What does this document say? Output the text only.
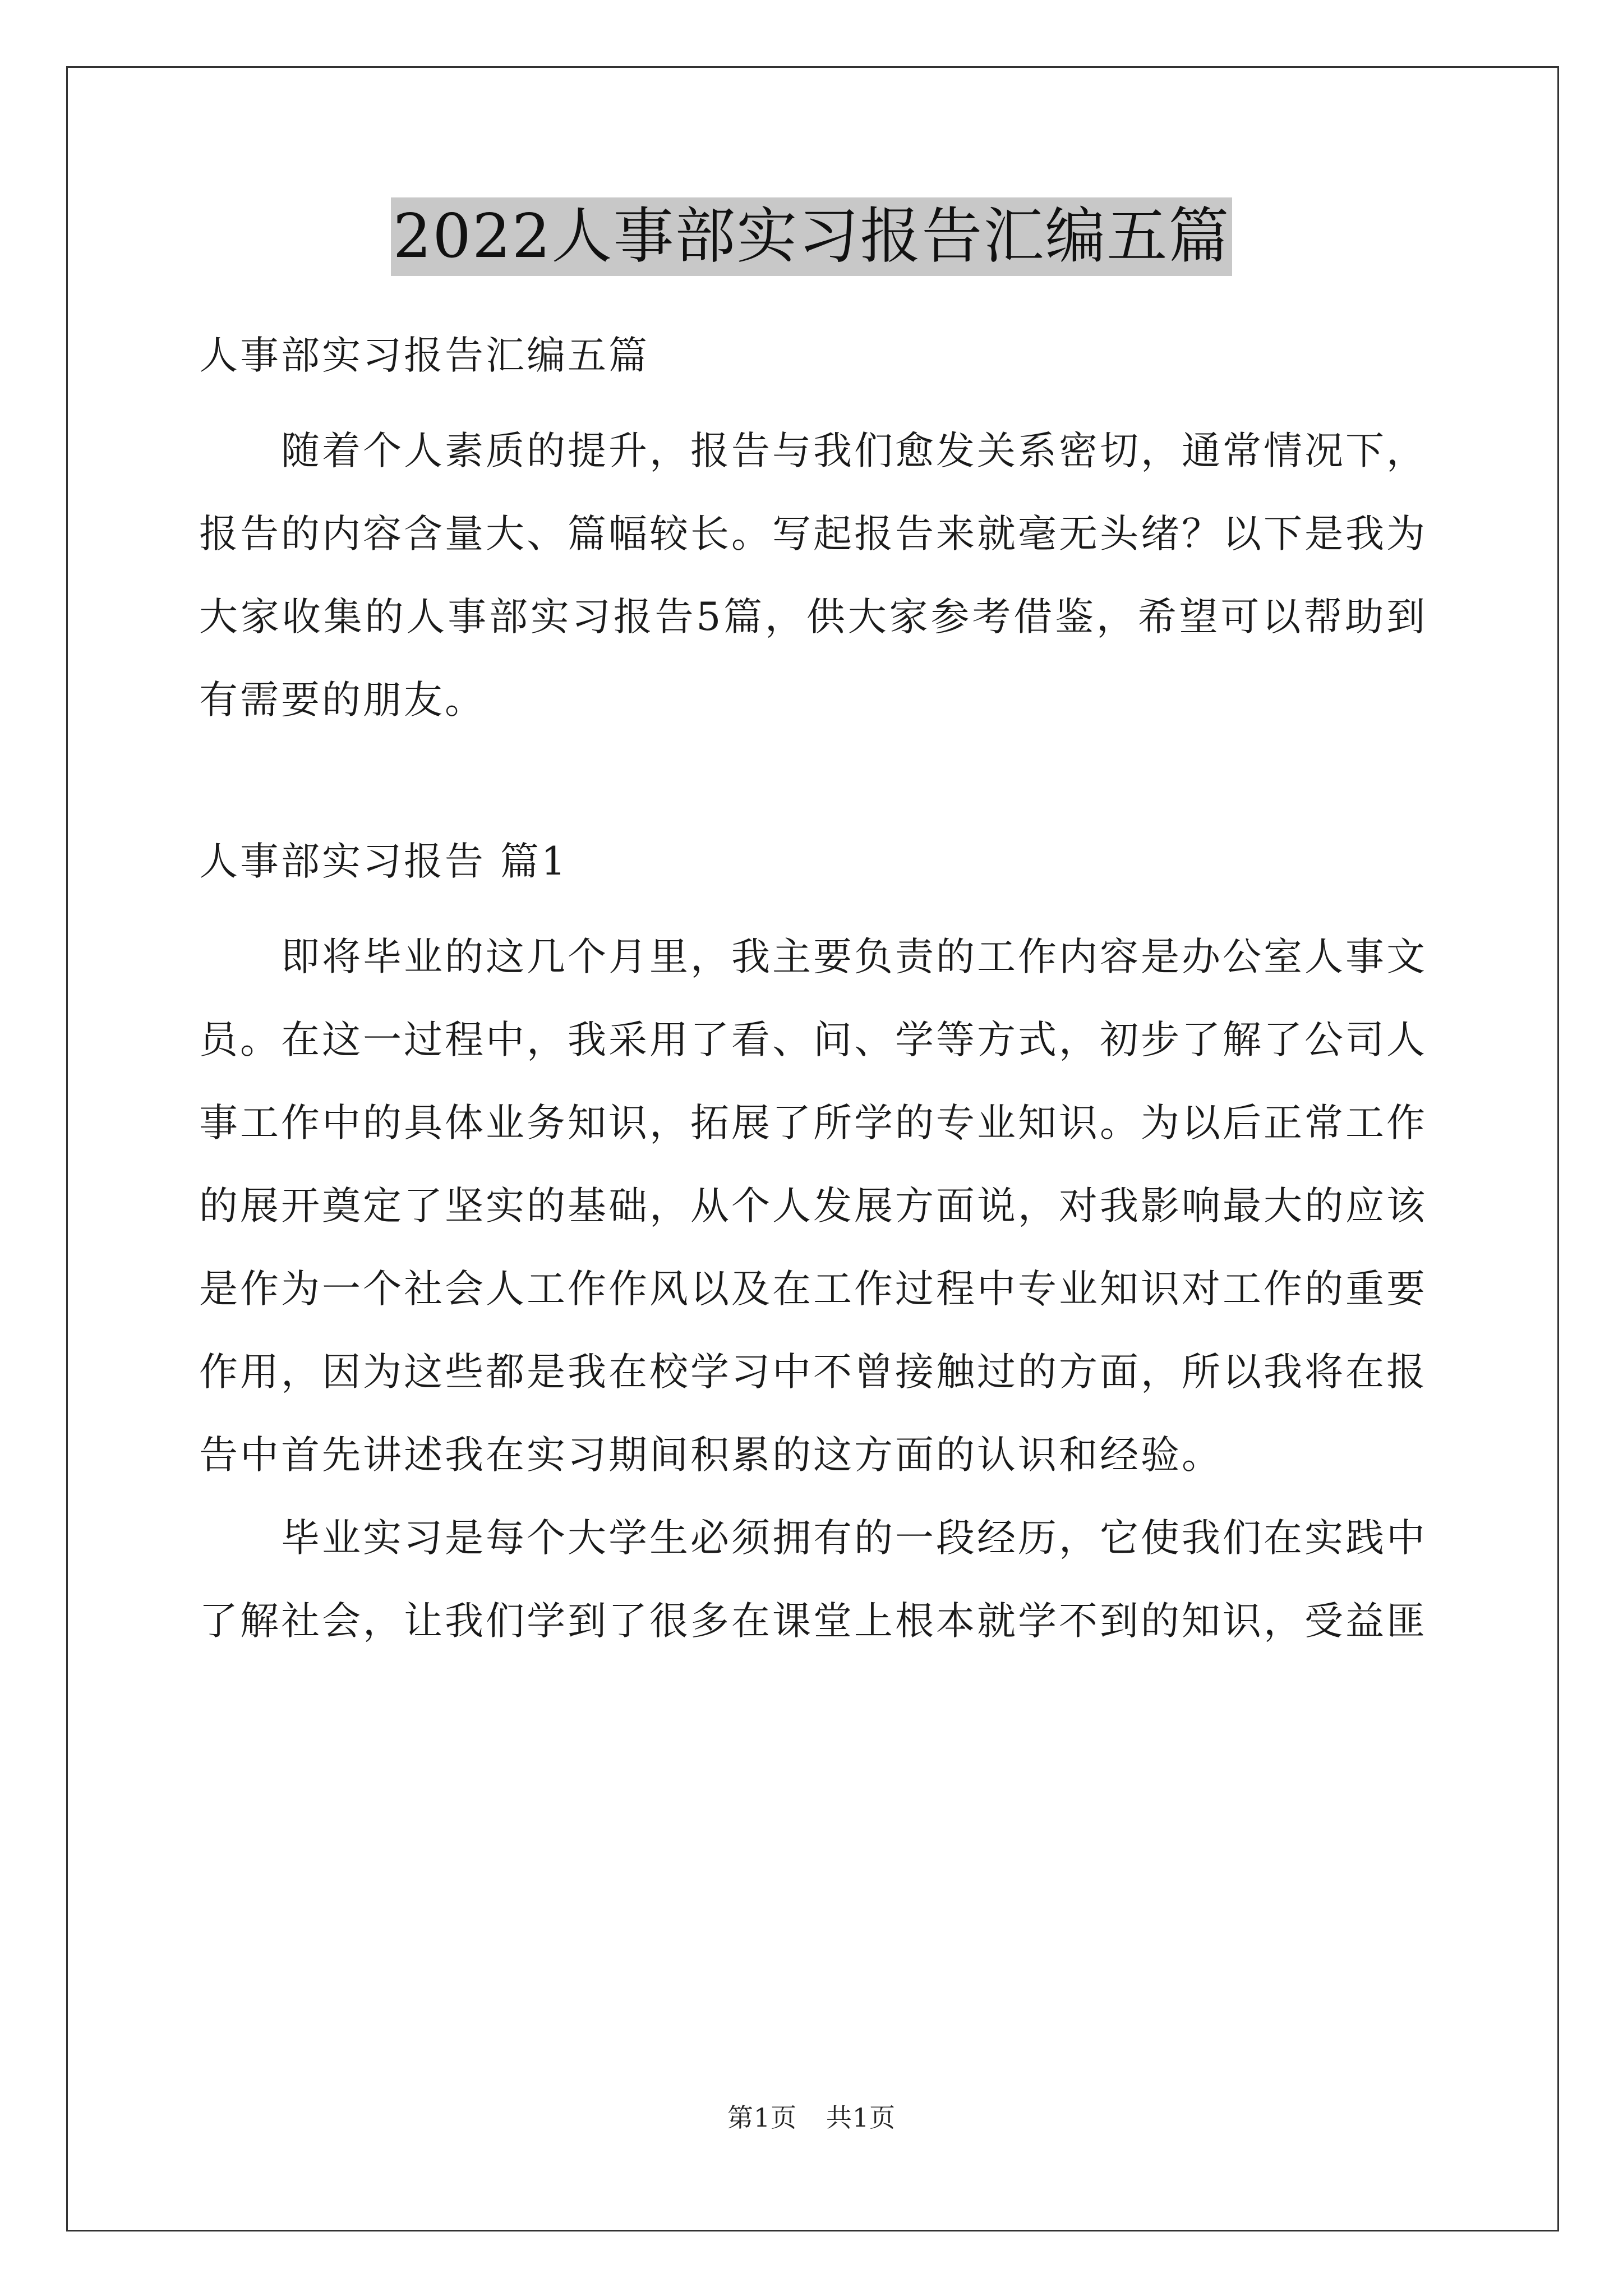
2022人事部实习报告汇编五篇

人事部实习报告汇编五篇

随着个人素质的提升，报告与我们愈发关系密切，通常情况下，报告的内容含量大、篇幅较长。写起报告来就毫无头绪？以下是我为大家收集的人事部实习报告5篇，供大家参考借鉴，希望可以帮助到有需要的朋友。

人事部实习报告 篇1

即将毕业的这几个月里，我主要负责的工作内容是办公室人事文员。在这一过程中，我采用了看、问、学等方式，初步了解了公司人事工作中的具体业务知识，拓展了所学的专业知识。为以后正常工作的展开奠定了坚实的基础，从个人发展方面说，对我影响最大的应该是作为一个社会人工作作风以及在工作过程中专业知识对工作的重要作用，因为这些都是我在校学习中不曾接触过的方面，所以我将在报告中首先讲述我在实习期间积累的这方面的认识和经验。

毕业实习是每个大学生必须拥有的一段经历，它使我们在实践中了解社会，让我们学到了很多在课堂上根本就学不到的知识，受益匪

第1页 共1页
